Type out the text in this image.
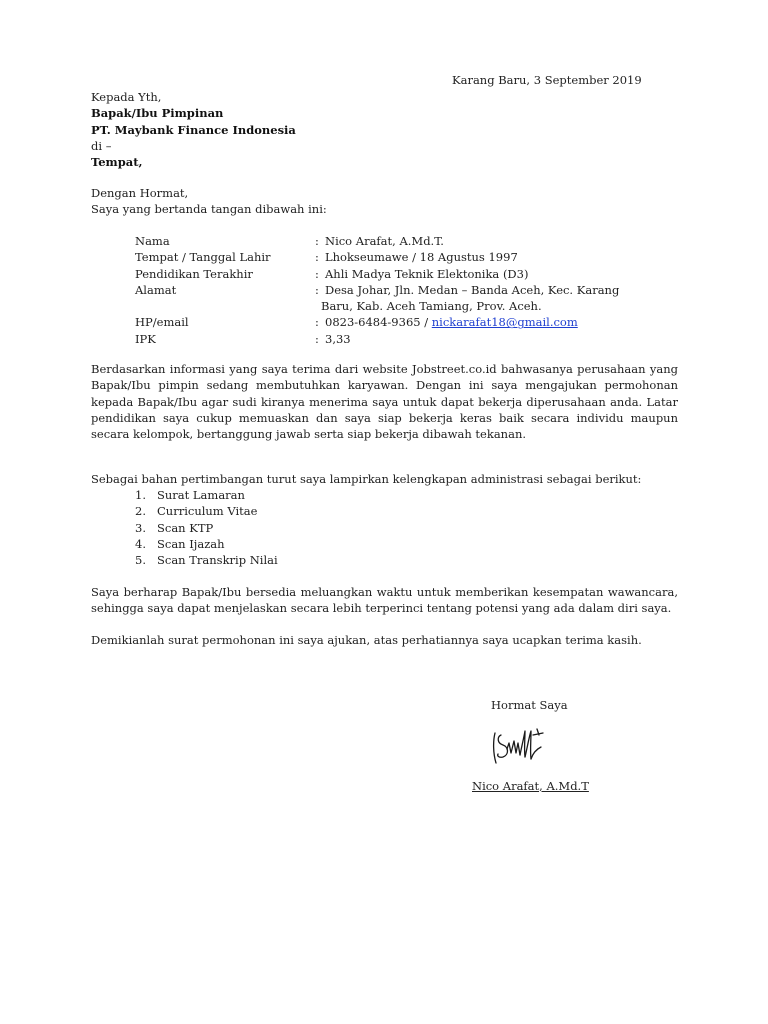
Karang Baru, 3 September 2019
Kepada Yth,
Bapak/Ibu Pimpinan
PT. Maybank Finance Indonesia
di –
Tempat,
Dengan Hormat,
Saya yang bertanda tangan dibawah ini:
Nama	: Nico Arafat, A.Md.T.
Tempat / Tanggal Lahir	: Lhokseumawe / 18 Agustus 1997
Pendidikan Terakhir	: Ahli Madya Teknik Elektonika (D3)
Alamat	: Desa Johar, Jln. Medan – Banda Aceh, Kec. Karang
Baru, Kab. Aceh Tamiang, Prov. Aceh.
HP/email	: 0823-6484-9365 / nickarafat18@gmail.com
IPK	: 3,33
Berdasarkan informasi yang saya terima dari website Jobstreet.co.id bahwasanya perusahaan yang Bapak/Ibu pimpin sedang membutuhkan karyawan. Dengan ini saya mengajukan permohonan kepada Bapak/Ibu agar sudi kiranya menerima saya untuk dapat bekerja diperusahaan anda. Latar pendidikan saya cukup memuaskan dan saya siap bekerja keras baik secara individu maupun secara kelompok, bertanggung jawab serta siap bekerja dibawah tekanan.
Sebagai bahan pertimbangan turut saya lampirkan kelengkapan administrasi sebagai berikut:
1. Surat Lamaran
2. Curriculum Vitae
3. Scan KTP
4. Scan Ijazah
5. Scan Transkrip Nilai
Saya berharap Bapak/Ibu bersedia meluangkan waktu untuk memberikan kesempatan wawancara, sehingga saya dapat menjelaskan secara lebih terperinci tentang potensi yang ada dalam diri saya.
Demikianlah surat permohonan ini saya ajukan, atas perhatiannya saya ucapkan terima kasih.
Hormat Saya
Nico Arafat, A.Md.T
